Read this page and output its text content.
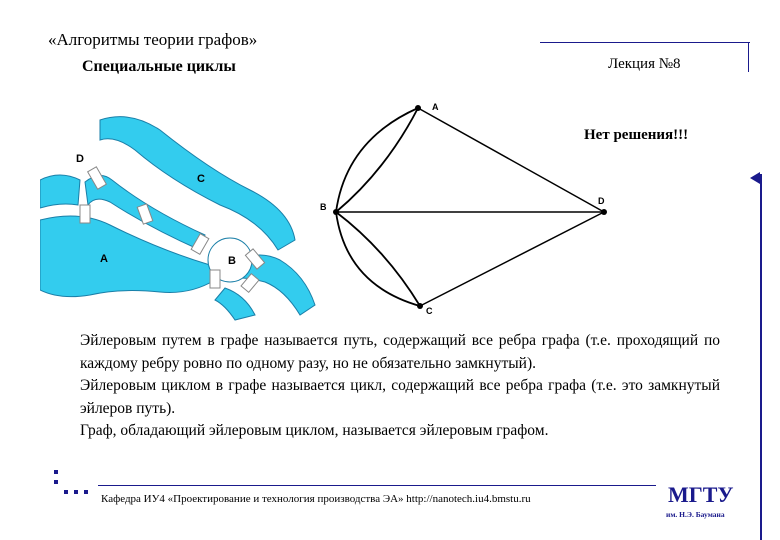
«Алгоритмы теории графов»
Специальные циклы	Лекция №8
D
C
A	B
A
B
C
D
Нет решения!!!

Эйлеровым путем в графе называется путь, содержащий все ребра графа (т.е. проходящий по каждому ребру ровно по одному разу, но не обязательно замкнутый).

Эйлеровым циклом в графе называется цикл, содержащий все ребра графа (т.е. это замкнутый эйлеров путь).

Граф, обладающий эйлеровым циклом, называется эйлеровым графом.

Кафедра ИУ4 «Проектирование и технология производства ЭА» http://nanotech.iu4.bmstu.ru	МГТУ
им. Н.Э. Баумана
